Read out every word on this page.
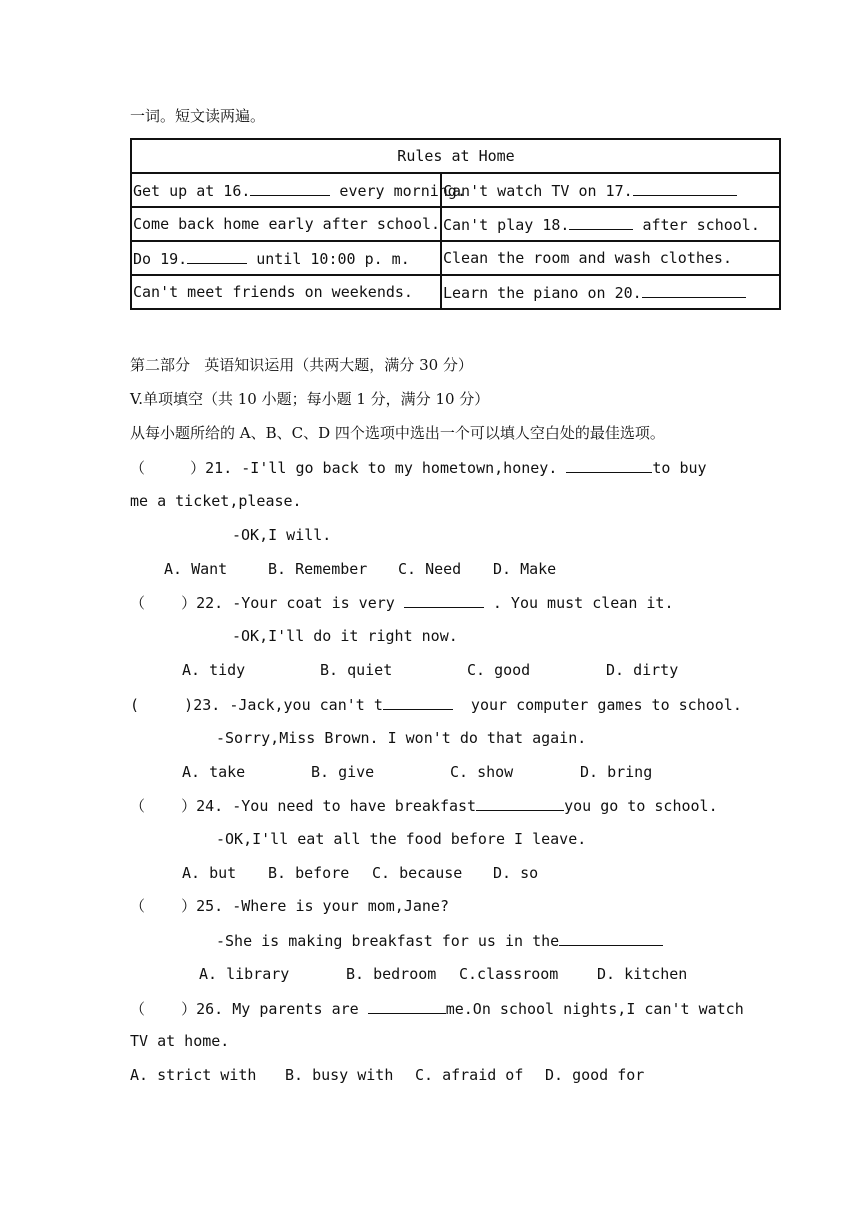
一词。短文读两遍。
Rules at Home	
Get up at 16. every morning.	Can't watch TV on 17.
Come back home early after school.	Can't play 18. after school.
Do 19. until 10:00 p. m.	Clean the room and wash clothes.
Can't meet friends on weekends.	Learn the piano on 20.
第二部分   英语知识运用（共两大题，满分 30 分）
V.单项填空（共 10 小题；每小题 1 分，满分 10 分）
从每小题所给的 A、B、C、D 四个选项中选出一个可以填人空白处的最佳选项。
（     ）21. -I'll go back to my hometown,honey.	to buy
me a ticket,please.
-OK,I will.
A. Want	B. Remember C. Need D. Make
（    ）22. -Your coat is very	. You must clean it.
-OK,I'll do it right now.
A. tidy	B. quiet	C. good	D. dirty
(     )23. -Jack,you can't t	your computer games to school.
-Sorry,Miss Brown. I won't do that again.
A. take	B. give	C. show	D. bring
（    ）24. -You need to have breakfast	you go to school.
-OK,I'll eat all the food before I leave.
A. but B. before C. because D. so
（    ）25. -Where is your mom,Jane?
-She is making breakfast for us in the
A. library	B. bedroom C.classroom	D. kitchen
（    ）26. My parents are	me.On school nights,I can't watch
TV at home.
A. strict with B. busy with C. afraid of D. good for
